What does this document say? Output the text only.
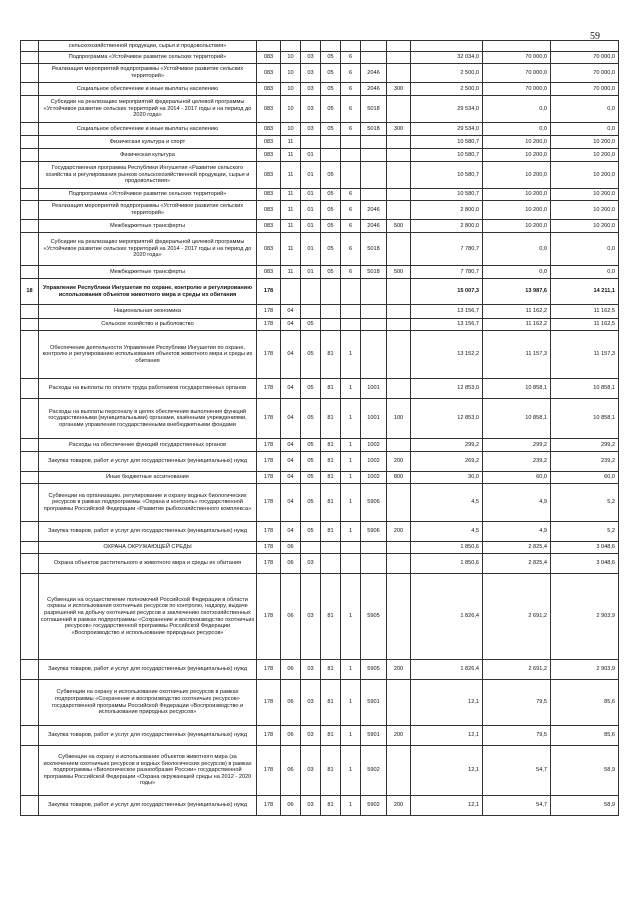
59
	сельскохозяйственной продукции, сырья и продовольствия»										
	Подпрограмма «Устойчивое развитие сельских территорий»	083	10	03	05	6			32 034,0	70 000,0	70 000,0
	Реализация мероприятий подпрограммы «Устойчивое развитие сельских территорий»	083	10	03	05	6	2046		2 500,0	70 000,0	70 000,0
	Социальное обеспечение и иные выплаты населению	083	10	03	05	6	2046	300	2 500,0	70 000,0	70 000,0
	Субсидии на реализацию мероприятий федеральной целевой программы «Устойчивое развитие сельских территорий на 2014 - 2017 годы и на период до 2020 года»	083	10	03	05	6	5018		29 534,0	0,0	0,0
	Социальное обеспечение и иные выплаты населению	083	10	03	05	6	5018	300	29 534,0	0,0	0,0
	Физическая культура и спорт	083	11						10 580,7	10 200,0	10 200,0
	Физическая культура	083	11	01					10 580,7	10 200,0	10 200,0
	Государственная программа Республики Ингушетия «Развитие сельского хозяйства и регулирования рынков сельскохозяйственной продукции, сырья и продовольствия»	083	11	01	05				10 580,7	10 200,0	10 200,0
	Подпрограмма «Устойчивое развитие сельских территорий»	083	11	01	05	6			10 580,7	10 200,0	10 200,0
	Реализация мероприятий подпрограммы «Устойчивое развитие сельских территорий»	083	11	01	05	6	2046		2 800,0	10 200,0	10 200,0
	Межбюджетные трансферты	083	11	01	05	6	2046	500	2 800,0	10 200,0	10 200,0
	Субсидии на реализацию мероприятий федеральной целевой программы «Устойчивое развитие сельских территорий на 2014 - 2017 годы и на период до 2020 года»	083	11	01	05	6	5018		7 780,7	0,0	0,0
	Межбюджетные трансферты	083	11	01	05	6	5018	500	7 780,7	0,0	0,0
18	Управление Республики Ингушетия по охране, контролю и регулированию использования объектов животного мира и среды их обитания	178							15 007,3	13 987,6	14 211,1
	Национальная экономика	178	04						13 156,7	11 162,2	11 162,5
	Сельское хозяйство и рыболовство	178	04	05					13 156,7	11 162,2	11 162,5
	Обеспечение деятельности Управления Республики Ингушетия по охране, контролю и регулированию использования объектов животного мира и среды их обитания	178	04	05	81	1			13 152,2	11 157,3	11 157,3
	Расходы на выплаты по оплате труда работников государственных органов	178	04	05	81	1	1001		12 853,0	10 858,1	10 858,1
	Расходы на выплаты персоналу в целях обеспечения выполнения функций государственными (муниципальными) органами, казёнными учреждениями, органами управления государственными внебюджетными фондами	178	04	05	81	1	1001	100	12 853,0	10 858,1	10 858,1
	Расходы на обеспечение функций государственных органов	178	04	05	81	1	1002		299,2	299,2	299,2
	Закупка товаров, работ и услуг для государственных (муниципальных) нужд	178	04	05	81	1	1002	200	269,2	239,2	239,2
	Иные бюджетные ассигнования	178	04	05	81	1	1002	800	30,0	60,0	60,0
	Субвенции на организацию, регулирование и охрану водных биологических ресурсов в рамках подпрограммы «Охрана и контроль» государственной программы Российской Федерации «Развитие рыбохозяйственного комплекса»	178	04	05	81	1	5906		4,5	4,9	5,2
	Закупка товаров, работ и услуг для государственных (муниципальных) нужд	178	04	05	81	1	5906	200	4,5	4,9	5,2
	ОХРАНА ОКРУЖАЮЩЕЙ СРЕДЫ	178	06						1 850,6	2 825,4	3 048,6
	Охрана объектов растительного и животного мира и среды их обитания	178	06	03					1 850,6	2 825,4	3 048,6
	Субвенции на осуществление полномочий Российской Федерации в области охраны и использования охотничьих ресурсов по контролю, надзору, выдаче разрешений на добычу охотничьих ресурсов и заключению охотхозяйственных соглашений в рамках подпрограммы «Сохранение и воспроизводство охотничьих ресурсов» государственной программы Российской Федерации «Воспроизводство и использование природных ресурсов»	178	06	03	81	1	5905		1 826,4	2 691,2	2 903,9
	Закупка товаров, работ и услуг для государственных (муниципальных) нужд	178	06	03	81	1	5905	200	1 826,4	2 691,2	2 903,9
	Субвенции на охрану и использование охотничьих ресурсов в рамках подпрограммы «Сохранение и воспроизводство охотничьих ресурсов» государственной программы Российской Федерации «Воспроизводство и использование природных ресурсов»	178	06	03	81	1	5901		12,1	79,5	85,6
	Закупка товаров, работ и услуг для государственных (муниципальных) нужд	178	06	03	81	1	5901	200	12,1	79,5	85,6
	Субвенции на охрану и использование объектов животного мира (за исключением охотничьих ресурсов и водных биологических ресурсов) в рамках подпрограммы «Биологическое разнообразие России» государственной программы Российской Федерации «Охрана окружающей среды на 2012 - 2020 годы»	178	06	03	81	1	5902		12,1	54,7	58,9
	Закупка товаров, работ и услуг для государственных (муниципальных) нужд	178	06	03	81	1	5902	200	12,1	54,7	58,9
